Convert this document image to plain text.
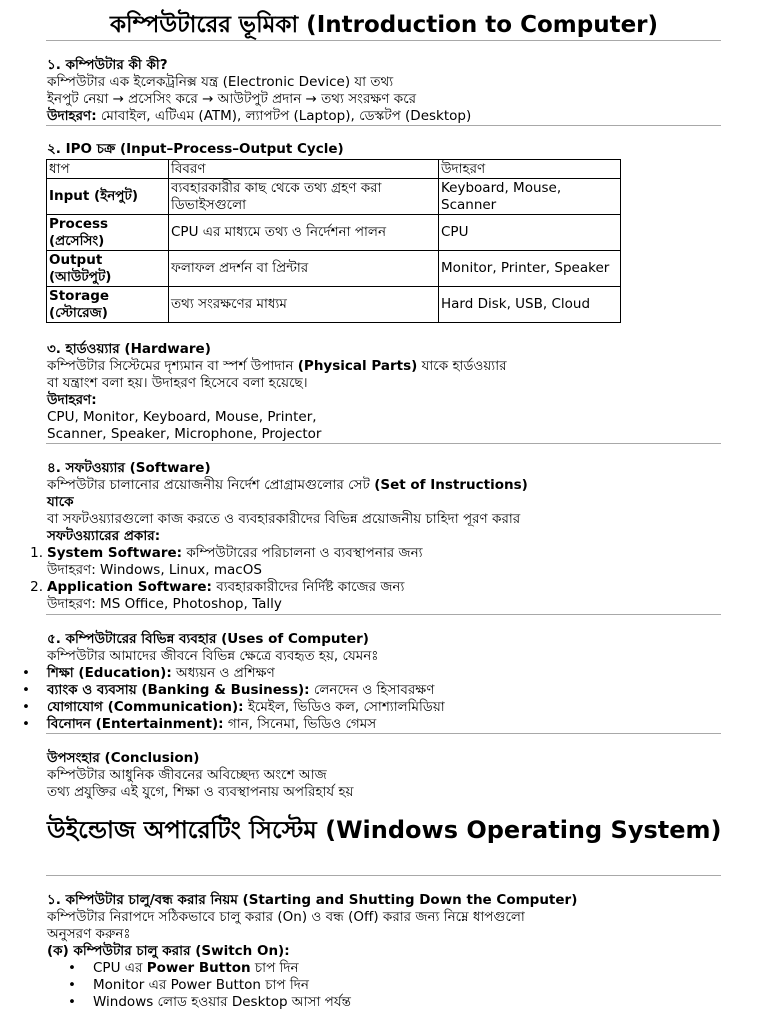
কম্পিউটারের ভূমিকা (Introduction to Computer)
১. কম্পিউটার কী কী?
কম্পিউটার এক ইলেকট্রনিক্স যন্ত্র (Electronic Device) যা তথ্য
ইনপুট নেয়া → প্রসেসিং করে → আউটপুট প্রদান → তথ্য সংরক্ষণ করে
উদাহরণ: মোবাইল, এটিএম (ATM), ল্যাপটপ (Laptop), ডেস্কটপ (Desktop)
২. IPO চক্র (Input–Process–Output Cycle)
ধাপ	বিবরণ	উদাহরণ
Input (ইনপুট)	ব্যবহারকারীর কাছ থেকে তথ্য গ্রহণ করা ডিভাইসগুলো	Keyboard, Mouse, Scanner
Process (প্রসেসিং)	CPU এর মাধ্যমে তথ্য ও নির্দেশনা পালন	CPU
Output (আউটপুট)	ফলাফল প্রদর্শন বা প্রিন্টার	Monitor, Printer, Speaker
Storage (স্টোরেজ)	তথ্য সংরক্ষণের মাধ্যম	Hard Disk, USB, Cloud
৩. হার্ডওয়্যার (Hardware)
কম্পিউটার সিস্টেমের দৃশ্যমান বা স্পর্শ উপাদান (Physical Parts) যাকে হার্ডওয়্যার
বা যন্ত্রাংশ বলা হয়। উদাহরণ হিসেবে বলা হয়েছে।
উদাহরণ:
CPU, Monitor, Keyboard, Mouse, Printer,
Scanner, Speaker, Microphone, Projector
৪. সফটওয়্যার (Software)
কম্পিউটার চালানোর প্রয়োজনীয় নির্দেশ প্রোগ্রামগুলোর সেট (Set of Instructions)
যাকে
বা সফটওয়্যারগুলো কাজ করতে ও ব্যবহারকারীদের বিভিন্ন প্রয়োজনীয় চাহিদা পূরণ করার
সফটওয়্যারের প্রকার:
1. System Software: কম্পিউটারের পরিচালনা ও ব্যবস্থাপনার জন্য
উদাহরণ: Windows, Linux, macOS
2. Application Software: ব্যবহারকারীদের নির্দিষ্ট কাজের জন্য
উদাহরণ: MS Office, Photoshop, Tally
৫. কম্পিউটারের বিভিন্ন ব্যবহার (Uses of Computer)
কম্পিউটার আমাদের জীবনে বিভিন্ন ক্ষেত্রে ব্যবহৃত হয়, যেমনঃ
• শিক্ষা (Education): অধ্যয়ন ও প্রশিক্ষণ
• ব্যাংক ও ব্যবসায় (Banking & Business): লেনদেন ও হিসাবরক্ষণ
• যোগাযোগ (Communication): ইমেইল, ভিডিও কল, সোশ্যালমিডিয়া
• বিনোদন (Entertainment): গান, সিনেমা, ভিডিও গেমস
উপসংহার (Conclusion)
কম্পিউটার আধুনিক জীবনের অবিচ্ছেদ্য অংশে আজ
তথ্য প্রযুক্তির এই যুগে, শিক্ষা ও ব্যবস্থাপনায় অপরিহার্য হয়
উইন্ডোজ অপারেটিং সিস্টেম (Windows Operating System)
১. কম্পিউটার চালু/বন্ধ করার নিয়ম (Starting and Shutting Down the Computer)
কম্পিউটার নিরাপদে সঠিকভাবে চালু করার (On) ও বন্ধ (Off) করার জন্য নিম্নে ধাপগুলো
অনুসরণ করুনঃ
(ক) কম্পিউটার চালু করার (Switch On):
• CPU এর Power Button চাপ দিন
• Monitor এর Power Button চাপ দিন
• Windows লোড হওয়ার Desktop আসা পর্যন্ত
